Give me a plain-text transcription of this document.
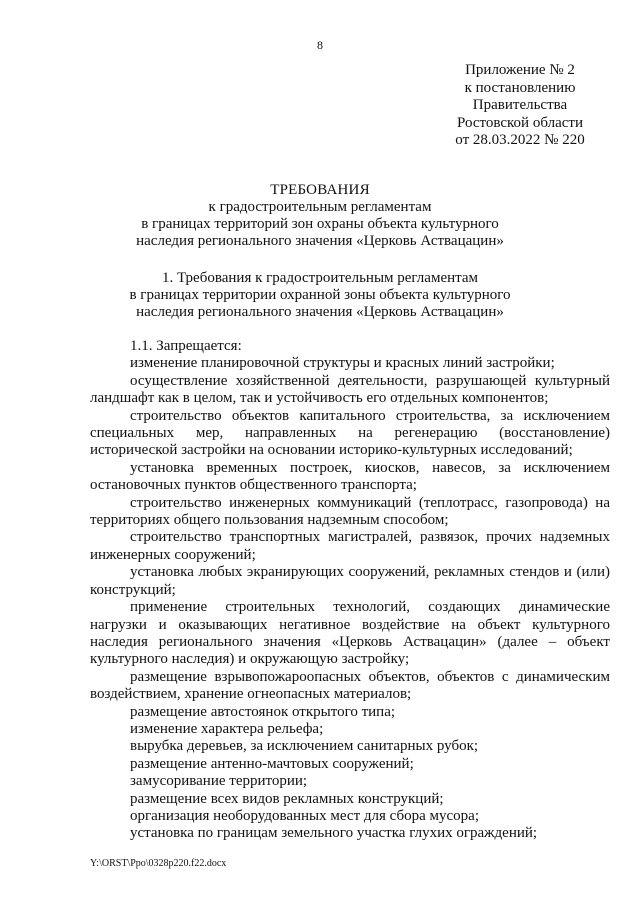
8
Приложение № 2
к постановлению
Правительства
Ростовской области
от 28.03.2022 № 220
ТРЕБОВАНИЯ
к градостроительным регламентам
в границах территорий зон охраны объекта культурного
наследия регионального значения «Церковь Аствацацин»
1. Требования к градостроительным регламентам
в границах территории охранной зоны объекта культурного
наследия регионального значения «Церковь Аствацацин»

1.1. Запрещается:

изменение планировочной структуры и красных линий застройки;

осуществление хозяйственной деятельности, разрушающей культурный ландшафт как в целом, так и устойчивость его отдельных компонентов;

строительство объектов капитального строительства, за исключением специальных мер, направленных на регенерацию (восстановление) исторической застройки на основании историко-культурных исследований;

установка временных построек, киосков, навесов, за исключением остановочных пунктов общественного транспорта;

строительство инженерных коммуникаций (теплотрасс, газопровода) на территориях общего пользования надземным способом;

строительство транспортных магистралей, развязок, прочих надземных инженерных сооружений;

установка любых экранирующих сооружений, рекламных стендов и (или) конструкций;

применение строительных технологий, создающих динамические нагрузки и оказывающих негативное воздействие на объект культурного наследия регионального значения «Церковь Аствацацин» (далее – объект культурного наследия) и окружающую застройку;

размещение взрывопожароопасных объектов, объектов с динамическим воздействием, хранение огнеопасных материалов;

размещение автостоянок открытого типа;

изменение характера рельефа;

вырубка деревьев, за исключением санитарных рубок;

размещение антенно-мачтовых сооружений;

замусоривание территории;

размещение всех видов рекламных конструкций;

организация необорудованных мест для сбора мусора;

установка по границам земельного участка глухих ограждений;

Y:\ORST\Ppo\0328p220.f22.docx
